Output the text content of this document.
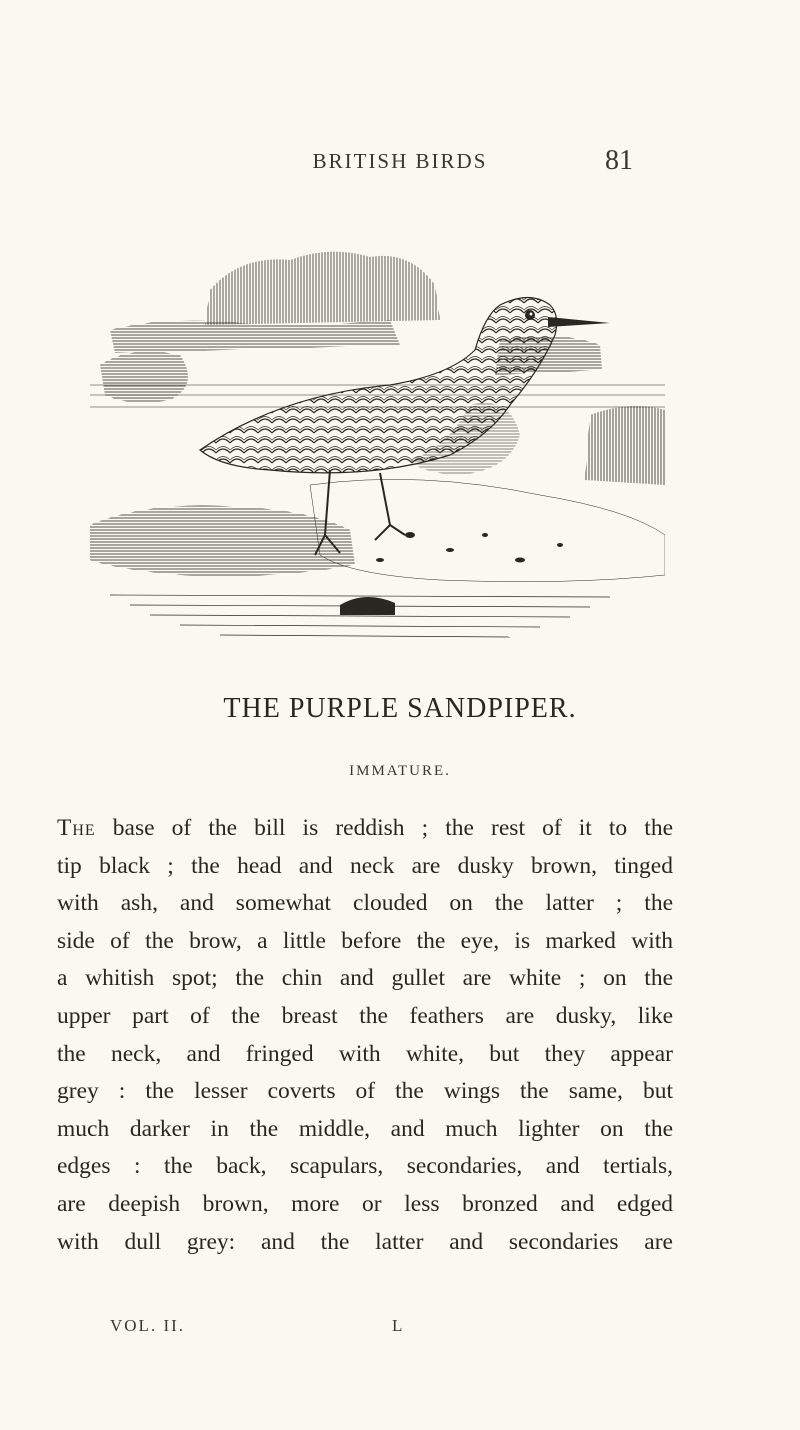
BRITISH BIRDS	81
THE PURPLE SANDPIPER.
IMMATURE.
The base of the bill is reddish ; the rest of it to the
tip black ; the head and neck are dusky brown, tinged
with ash, and somewhat clouded on the latter ; the
side of the brow, a little before the eye, is marked with
a whitish spot; the chin and gullet are white ; on the
upper part of the breast the feathers are dusky, like
the neck, and fringed with white, but they appear
grey : the lesser coverts of the wings the same, but
much darker in the middle, and much lighter on the
edges : the back, scapulars, secondaries, and tertials,
are deepish brown, more or less bronzed and edged
with dull grey: and the latter and secondaries are
VOL. II.	L
